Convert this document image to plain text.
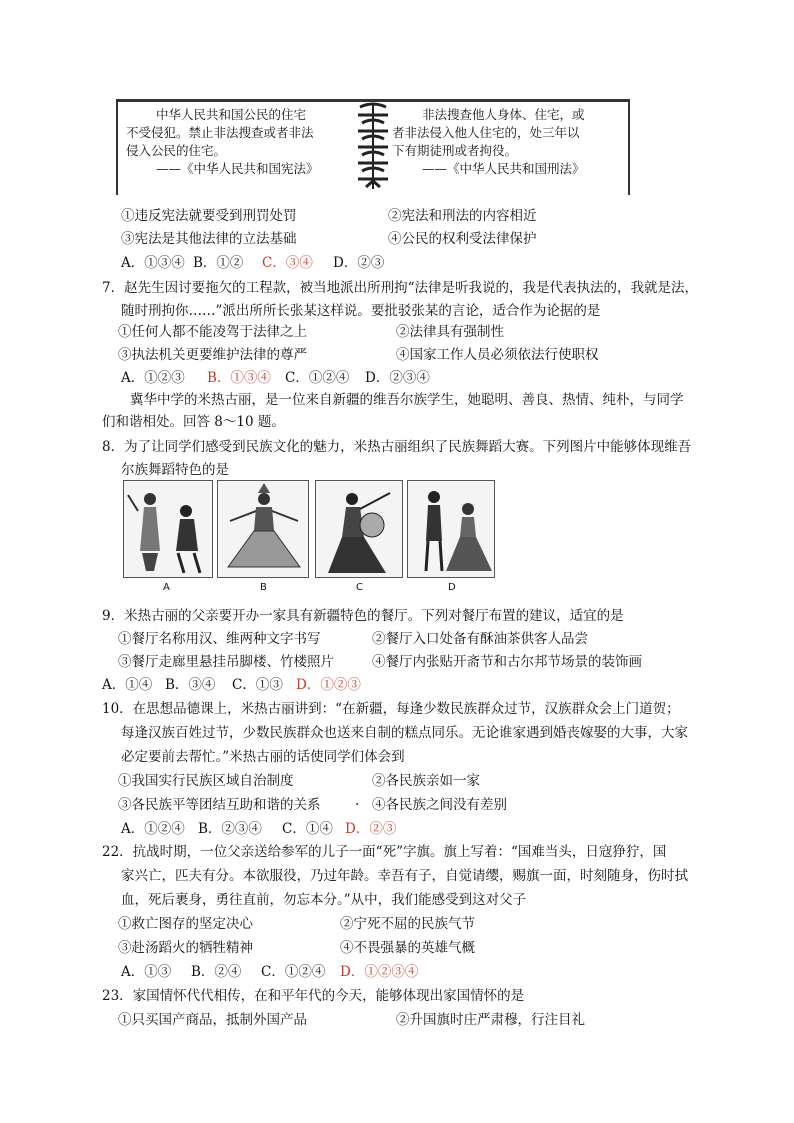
中华人民共和国公民的住宅
不受侵犯。禁止非法搜查或者非法
侵入公民的住宅。
——《中华人民共和国宪法》
非法搜查他人身体、住宅，或
者非法侵入他人住宅的，处三年以
下有期徒刑或者拘役。
——《中华人民共和国刑法》
①违反宪法就要受到刑罚处罚	②宪法和刑法的内容相近
③宪法是其他法律的立法基础	④公民的权利受法律保护
A．①③④ B．①② C．③④ D．②③
7．赵先生因讨要拖欠的工程款，被当地派出所刑拘“法律是听我说的，我是代表执法的，我就是法，
随时刑拘你……”派出所所长张某这样说。要批驳张某的言论，适合作为论据的是
①任何人都不能凌驾于法律之上	②法律具有强制性
③执法机关更要维护法律的尊严	④国家工作人员必须依法行使职权
A．①②③ B．①③④ C．①②④ D．②③④
冀华中学的米热古丽，是一位来自新疆的维吾尔族学生，她聪明、善良、热情、纯朴，与同学
们和谐相处。回答 8～10 题。
8．为了让同学们感受到民族文化的魅力，米热古丽组织了民族舞蹈大赛。下列图片中能够体现维吾
尔族舞蹈特色的是
A	B	C	D
9．米热古丽的父亲要开办一家具有新疆特色的餐厅。下列对餐厅布置的建议，适宜的是
①餐厅名称用汉、维两种文字书写	②餐厅入口处备有酥油茶供客人品尝
③餐厅走廊里悬挂吊脚楼、竹楼照片	④餐厅内张贴开斋节和古尔邦节场景的装饰画
A．①④ B．③④ C．①③ D．①②③
10．在思想品德课上，米热古丽讲到：“在新疆，每逢少数民族群众过节，汉族群众会上门道贺；
每逢汉族百姓过节，少数民族群众也送来自制的糕点同乐。无论谁家遇到婚丧嫁娶的大事，大家
必定要前去帮忙。”米热古丽的话使同学们体会到
①我国实行民族区域自治制度	②各民族亲如一家
③各民族平等团结互助和谐的关系	. ④各民族之间没有差别
A．①②④ B．②③④ C．①④ D．②③
22．抗战时期，一位父亲送给参军的儿子一面“死”字旗。旗上写着：“国难当头，日寇狰狞，国
家兴亡，匹夫有分。本欲服役，乃过年龄。幸吾有子，自觉请缨，赐旗一面，时刻随身，伤时拭
血，死后裹身，勇往直前，勿忘本分。”从中，我们能感受到这对父子
①救亡图存的坚定决心	②宁死不屈的民族气节
③赴汤蹈火的牺牲精神	④不畏强暴的英雄气概
A．①③ B．②④ C．①②④ D．①②③④
23．家国情怀代代相传，在和平年代的今天，能够体现出家国情怀的是
①只买国产商品，抵制外国产品	②升国旗时庄严肃穆，行注目礼
